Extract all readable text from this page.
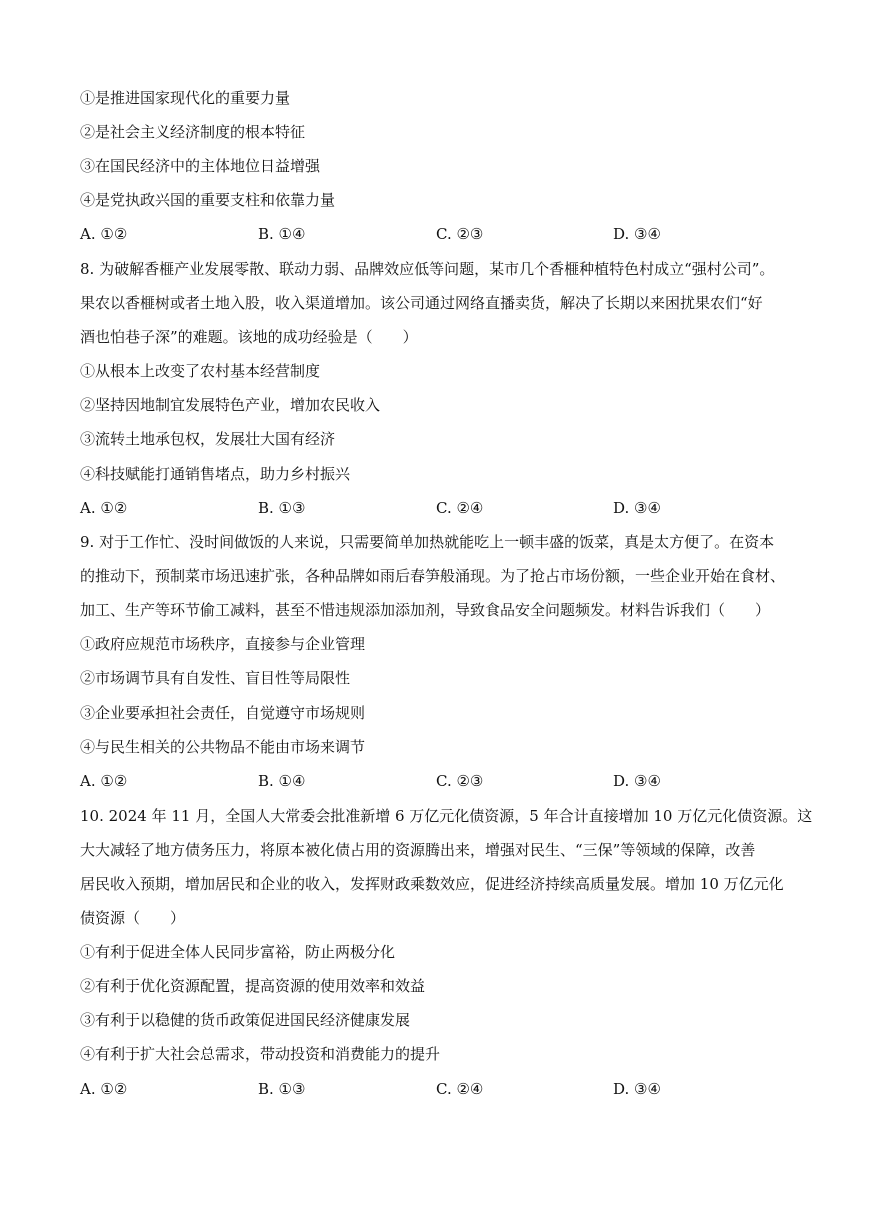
①是推进国家现代化的重要力量
②是社会主义经济制度的根本特征
③在国民经济中的主体地位日益增强
④是党执政兴国的重要支柱和依靠力量
A. ①②	B. ①④	C. ②③	D. ③④
8. 为破解香榧产业发展零散、联动力弱、品牌效应低等问题，某市几个香榧种植特色村成立“强村公司”。
果农以香榧树或者土地入股，收入渠道增加。该公司通过网络直播卖货，解决了长期以来困扰果农们“好
酒也怕巷子深”的难题。该地的成功经验是（　　）
①从根本上改变了农村基本经营制度
②坚持因地制宜发展特色产业，增加农民收入
③流转土地承包权，发展壮大国有经济
④科技赋能打通销售堵点，助力乡村振兴
A. ①②	B. ①③	C. ②④	D. ③④
9. 对于工作忙、没时间做饭的人来说，只需要简单加热就能吃上一顿丰盛的饭菜，真是太方便了。在资本
的推动下，预制菜市场迅速扩张，各种品牌如雨后春笋般涌现。为了抢占市场份额，一些企业开始在食材、
加工、生产等环节偷工减料，甚至不惜违规添加添加剂，导致食品安全问题频发。材料告诉我们（　　）
①政府应规范市场秩序，直接参与企业管理
②市场调节具有自发性、盲目性等局限性
③企业要承担社会责任，自觉遵守市场规则
④与民生相关的公共物品不能由市场来调节
A. ①②	B. ①④	C. ②③	D. ③④
10. 2024 年 11 月，全国人大常委会批准新增 6 万亿元化债资源，5 年合计直接增加 10 万亿元化债资源。这
大大减轻了地方债务压力，将原本被化债占用的资源腾出来，增强对民生、“三保”等领域的保障，改善
居民收入预期，增加居民和企业的收入，发挥财政乘数效应，促进经济持续高质量发展。增加 10 万亿元化
债资源（　　）
①有利于促进全体人民同步富裕，防止两极分化
②有利于优化资源配置，提高资源的使用效率和效益
③有利于以稳健的货币政策促进国民经济健康发展
④有利于扩大社会总需求，带动投资和消费能力的提升
A. ①②	B. ①③	C. ②④	D. ③④
